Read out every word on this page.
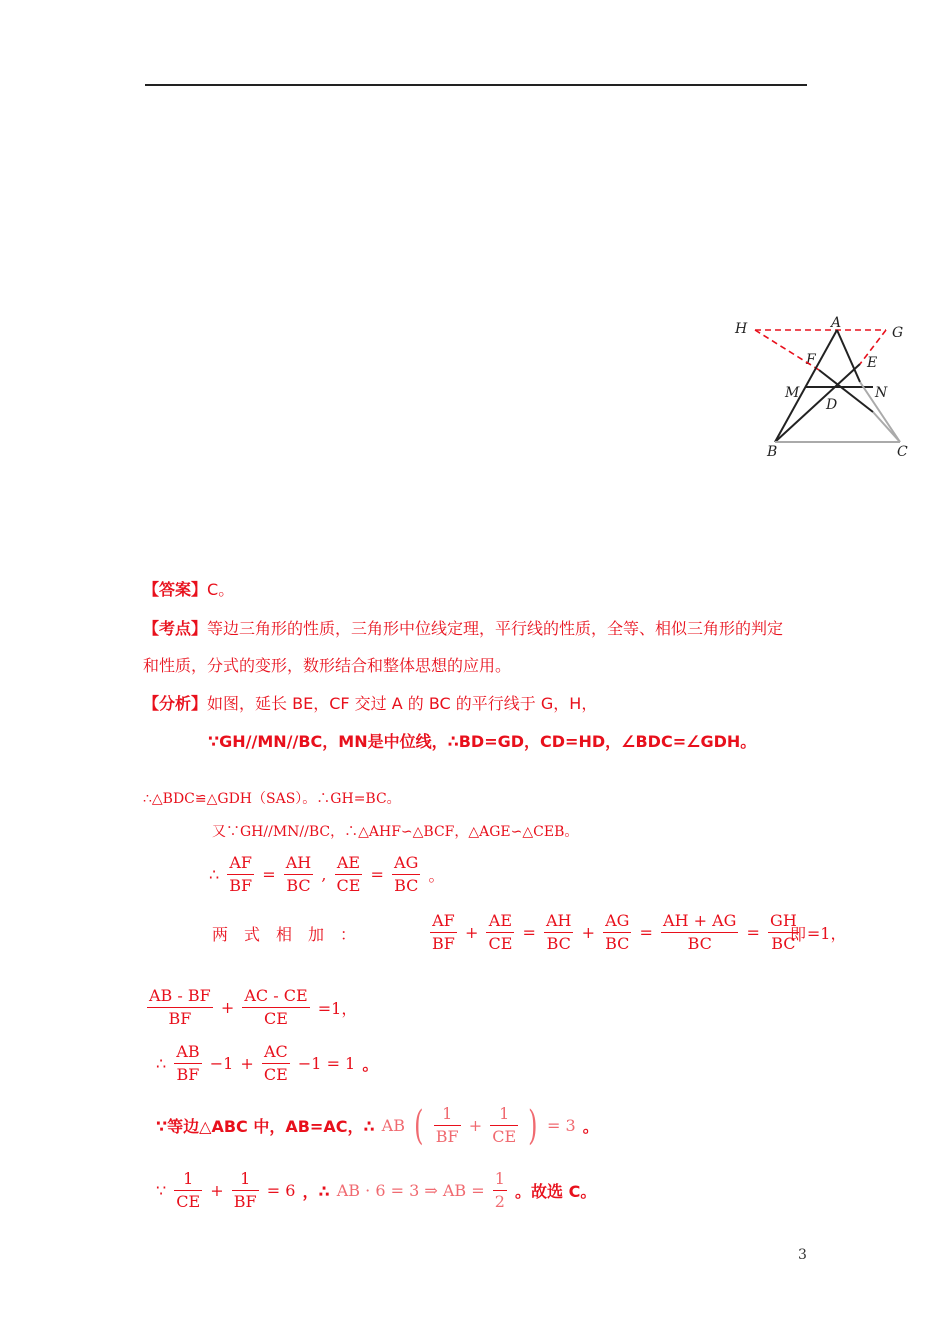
H	A
G
F	E
M
D
N
B	C
【答案】C。
【考点】等边三角形的性质，三角形中位线定理，平行线的性质，全等、相似三角形的判定
和性质，分式的变形，数形结合和整体思想的应用。
【分析】如图，延长 BE，CF 交过 A 的 BC 的平行线于 G，H，
∵GH//MN//BC，MN是中位线，∴BD=GD，CD=HD，∠BDC=∠GDH。
∴△BDC≌△GDH（SAS）。∴GH=BC。
又∵GH//MN//BC，∴△AHF∽△BCF，△AGE∽△CEB。
∴ $\frac{AF}{BF} = \frac{AH}{BC}$ , $\frac{AE}{CE} = \frac{AG}{BC}$ 。
两　式　相　加　：	$\frac{AF}{BF} + \frac{AE}{CE} = \frac{AH}{BC} + \frac{AG}{BC} = \frac{AH + AG}{BC} = \frac{GH}{BC} =1$，
即
$\frac{AB - BF}{BF} + \frac{AC - CE}{CE} =1$，
∴ $\frac{AB}{BF} -1 + \frac{AC}{CE} -1 = 1$ 。
∵等边△ABC 中，AB=AC，∴ AB ( $\frac{1}{BF} + \frac{1}{CE}$ ) = 3 。
∵ $\frac{1}{CE} + \frac{1}{BF} = 6$ ，∴ AB · 6 = 3 ⇒ AB = $\frac{1}{2}$ 。故选 C。
3
